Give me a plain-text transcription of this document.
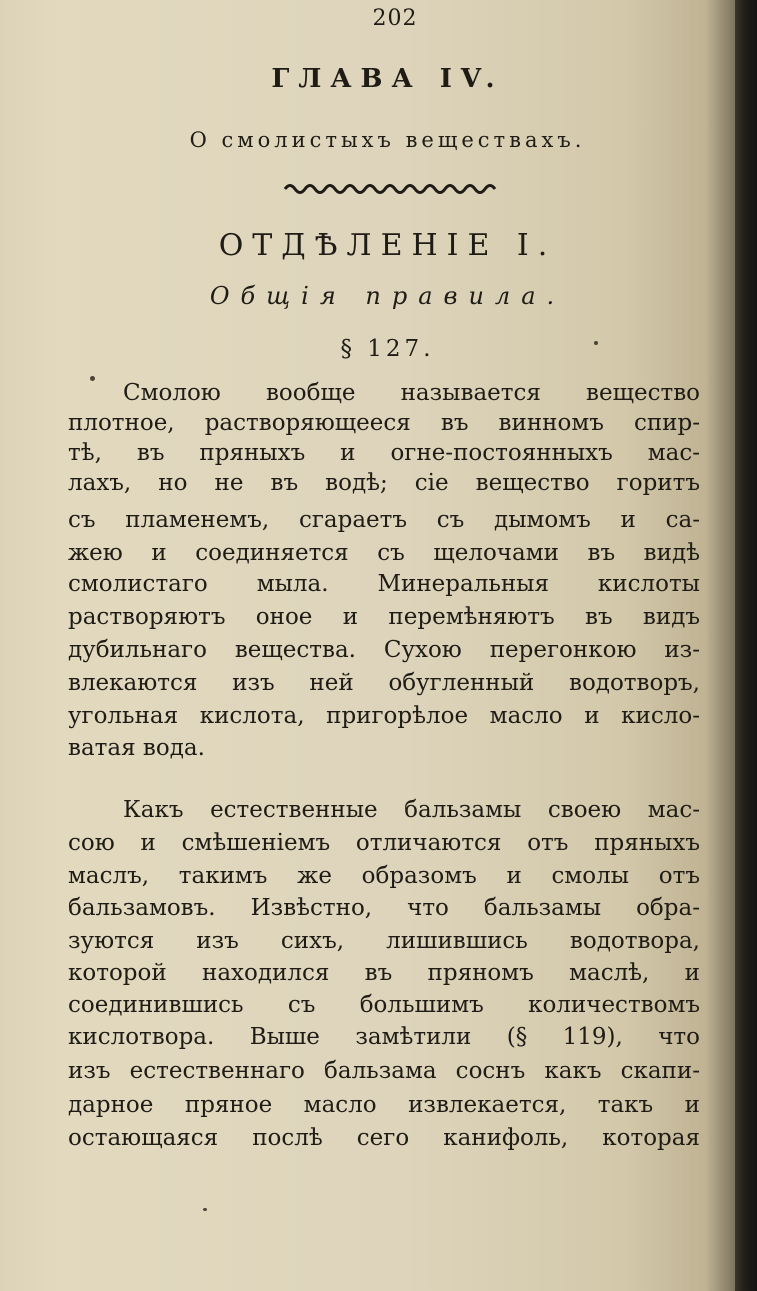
202
ГЛАВА IV.
О смолистыхъ веществахъ.
ОТДѢЛЕНІЕ I.
Общія правила.
§ 127.

Смолою вообще называется вещество

плотное, растворяющееся въ винномъ спир-

тѣ, въ пряныхъ и огне-постоянныхъ мас-

лахъ, но не въ водѣ; сіе вещество горитъ

съ пламенемъ, сгараетъ съ дымомъ и са-

жею и соединяется съ щелочами въ видѣ

смолистаго мыла. Минеральныя кислоты

растворяютъ оное и перемѣняютъ въ видъ

дубильнаго вещества. Сухою перегонкою из-

влекаются изъ ней обугленный водотворъ,

угольная кислота, пригорѣлое масло и кисло-

ватая вода.

Какъ естественные бальзамы своею мас-

сою и смѣшеніемъ отличаются отъ пряныхъ

маслъ, такимъ же образомъ и смолы отъ

бальзамовъ. Извѣстно, что бальзамы обра-

зуются изъ сихъ, лишившись водотвора,

которой находился въ пряномъ маслѣ, и

соединившись съ большимъ количествомъ

кислотвора. Выше замѣтили (§ 119), что

изъ естественнаго бальзама соснъ какъ скапи-

дарное пряное масло извлекается, такъ и

остающаяся послѣ сего канифоль, которая
